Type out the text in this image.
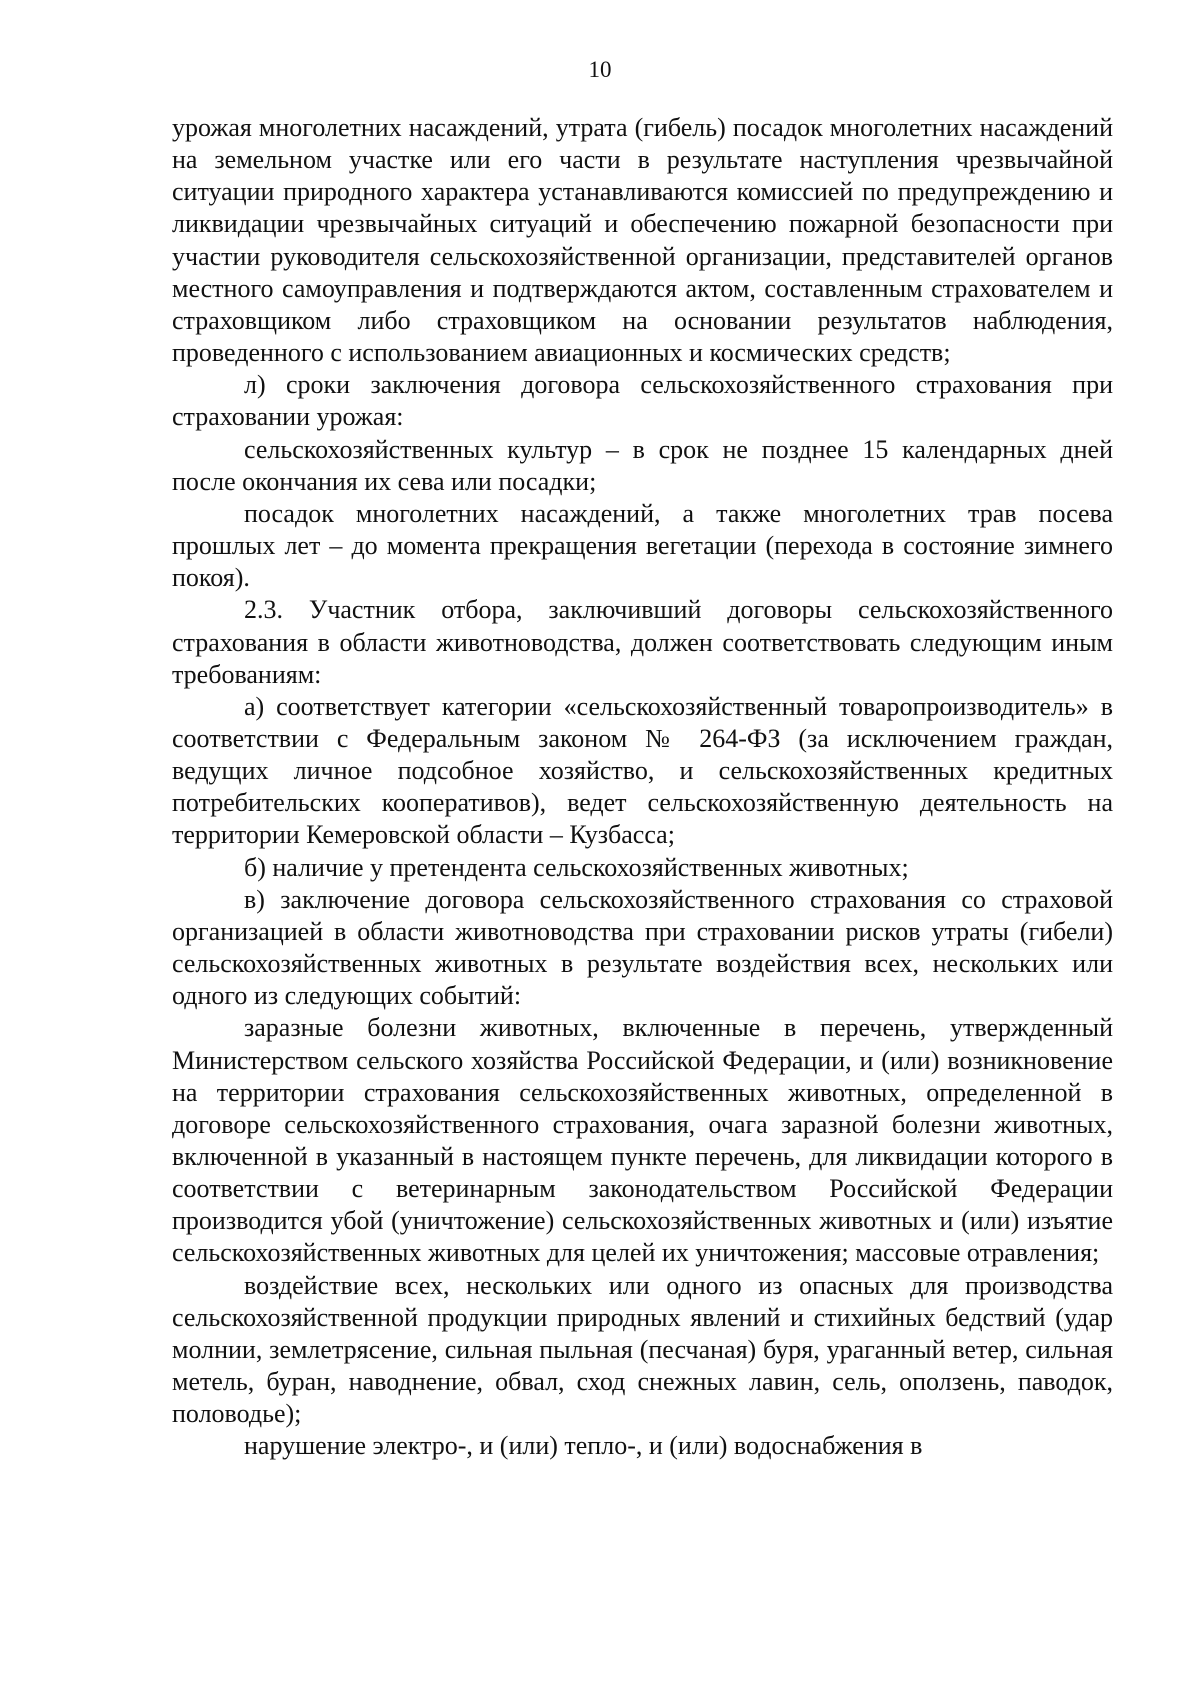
10

урожая многолетних насаждений, утрата (гибель) посадок многолетних насаждений на земельном участке или его части в результате наступления чрезвычайной ситуации природного характера устанавливаются комиссией по предупреждению и ликвидации чрезвычайных ситуаций и обеспечению пожарной безопасности при участии руководителя сельскохозяйственной организации, представителей органов местного самоуправления и подтверждаются актом, составленным страхователем и страховщиком либо страховщиком на основании результатов наблюдения, проведенного с использованием авиационных и космических средств;

л) сроки заключения договора сельскохозяйственного страхования при страховании урожая:

сельскохозяйственных культур – в срок не позднее 15 календарных дней после окончания их сева или посадки;

посадок многолетних насаждений, а также многолетних трав посева прошлых лет – до момента прекращения вегетации (перехода в состояние зимнего покоя).

2.3. Участник отбора, заключивший договоры сельскохозяйственного страхования в области животноводства, должен соответствовать следующим иным требованиям:

а) соответствует категории «сельскохозяйственный товаропроизводитель» в соответствии с Федеральным законом № 264-ФЗ (за исключением граждан, ведущих личное подсобное хозяйство, и сельскохозяйственных кредитных потребительских кооперативов), ведет сельскохозяйственную деятельность на территории Кемеровской области – Кузбасса;

б) наличие у претендента сельскохозяйственных животных;

в) заключение договора сельскохозяйственного страхования со страховой организацией в области животноводства при страховании рисков утраты (гибели) сельскохозяйственных животных в результате воздействия всех, нескольких или одного из следующих событий:

заразные болезни животных, включенные в перечень, утвержденный Министерством сельского хозяйства Российской Федерации, и (или) возникновение на территории страхования сельскохозяйственных животных, определенной в договоре сельскохозяйственного страхования, очага заразной болезни животных, включенной в указанный в настоящем пункте перечень, для ликвидации которого в соответствии с ветеринарным законодательством Российской Федерации производится убой (уничтожение) сельскохозяйственных животных и (или) изъятие сельскохозяйственных животных для целей их уничтожения; массовые отравления;

воздействие всех, нескольких или одного из опасных для производства сельскохозяйственной продукции природных явлений и стихийных бедствий (удар молнии, землетрясение, сильная пыльная (песчаная) буря, ураганный ветер, сильная метель, буран, наводнение, обвал, сход снежных лавин, сель, оползень, паводок, половодье);

нарушение электро-, и (или) тепло-, и (или) водоснабжения в
